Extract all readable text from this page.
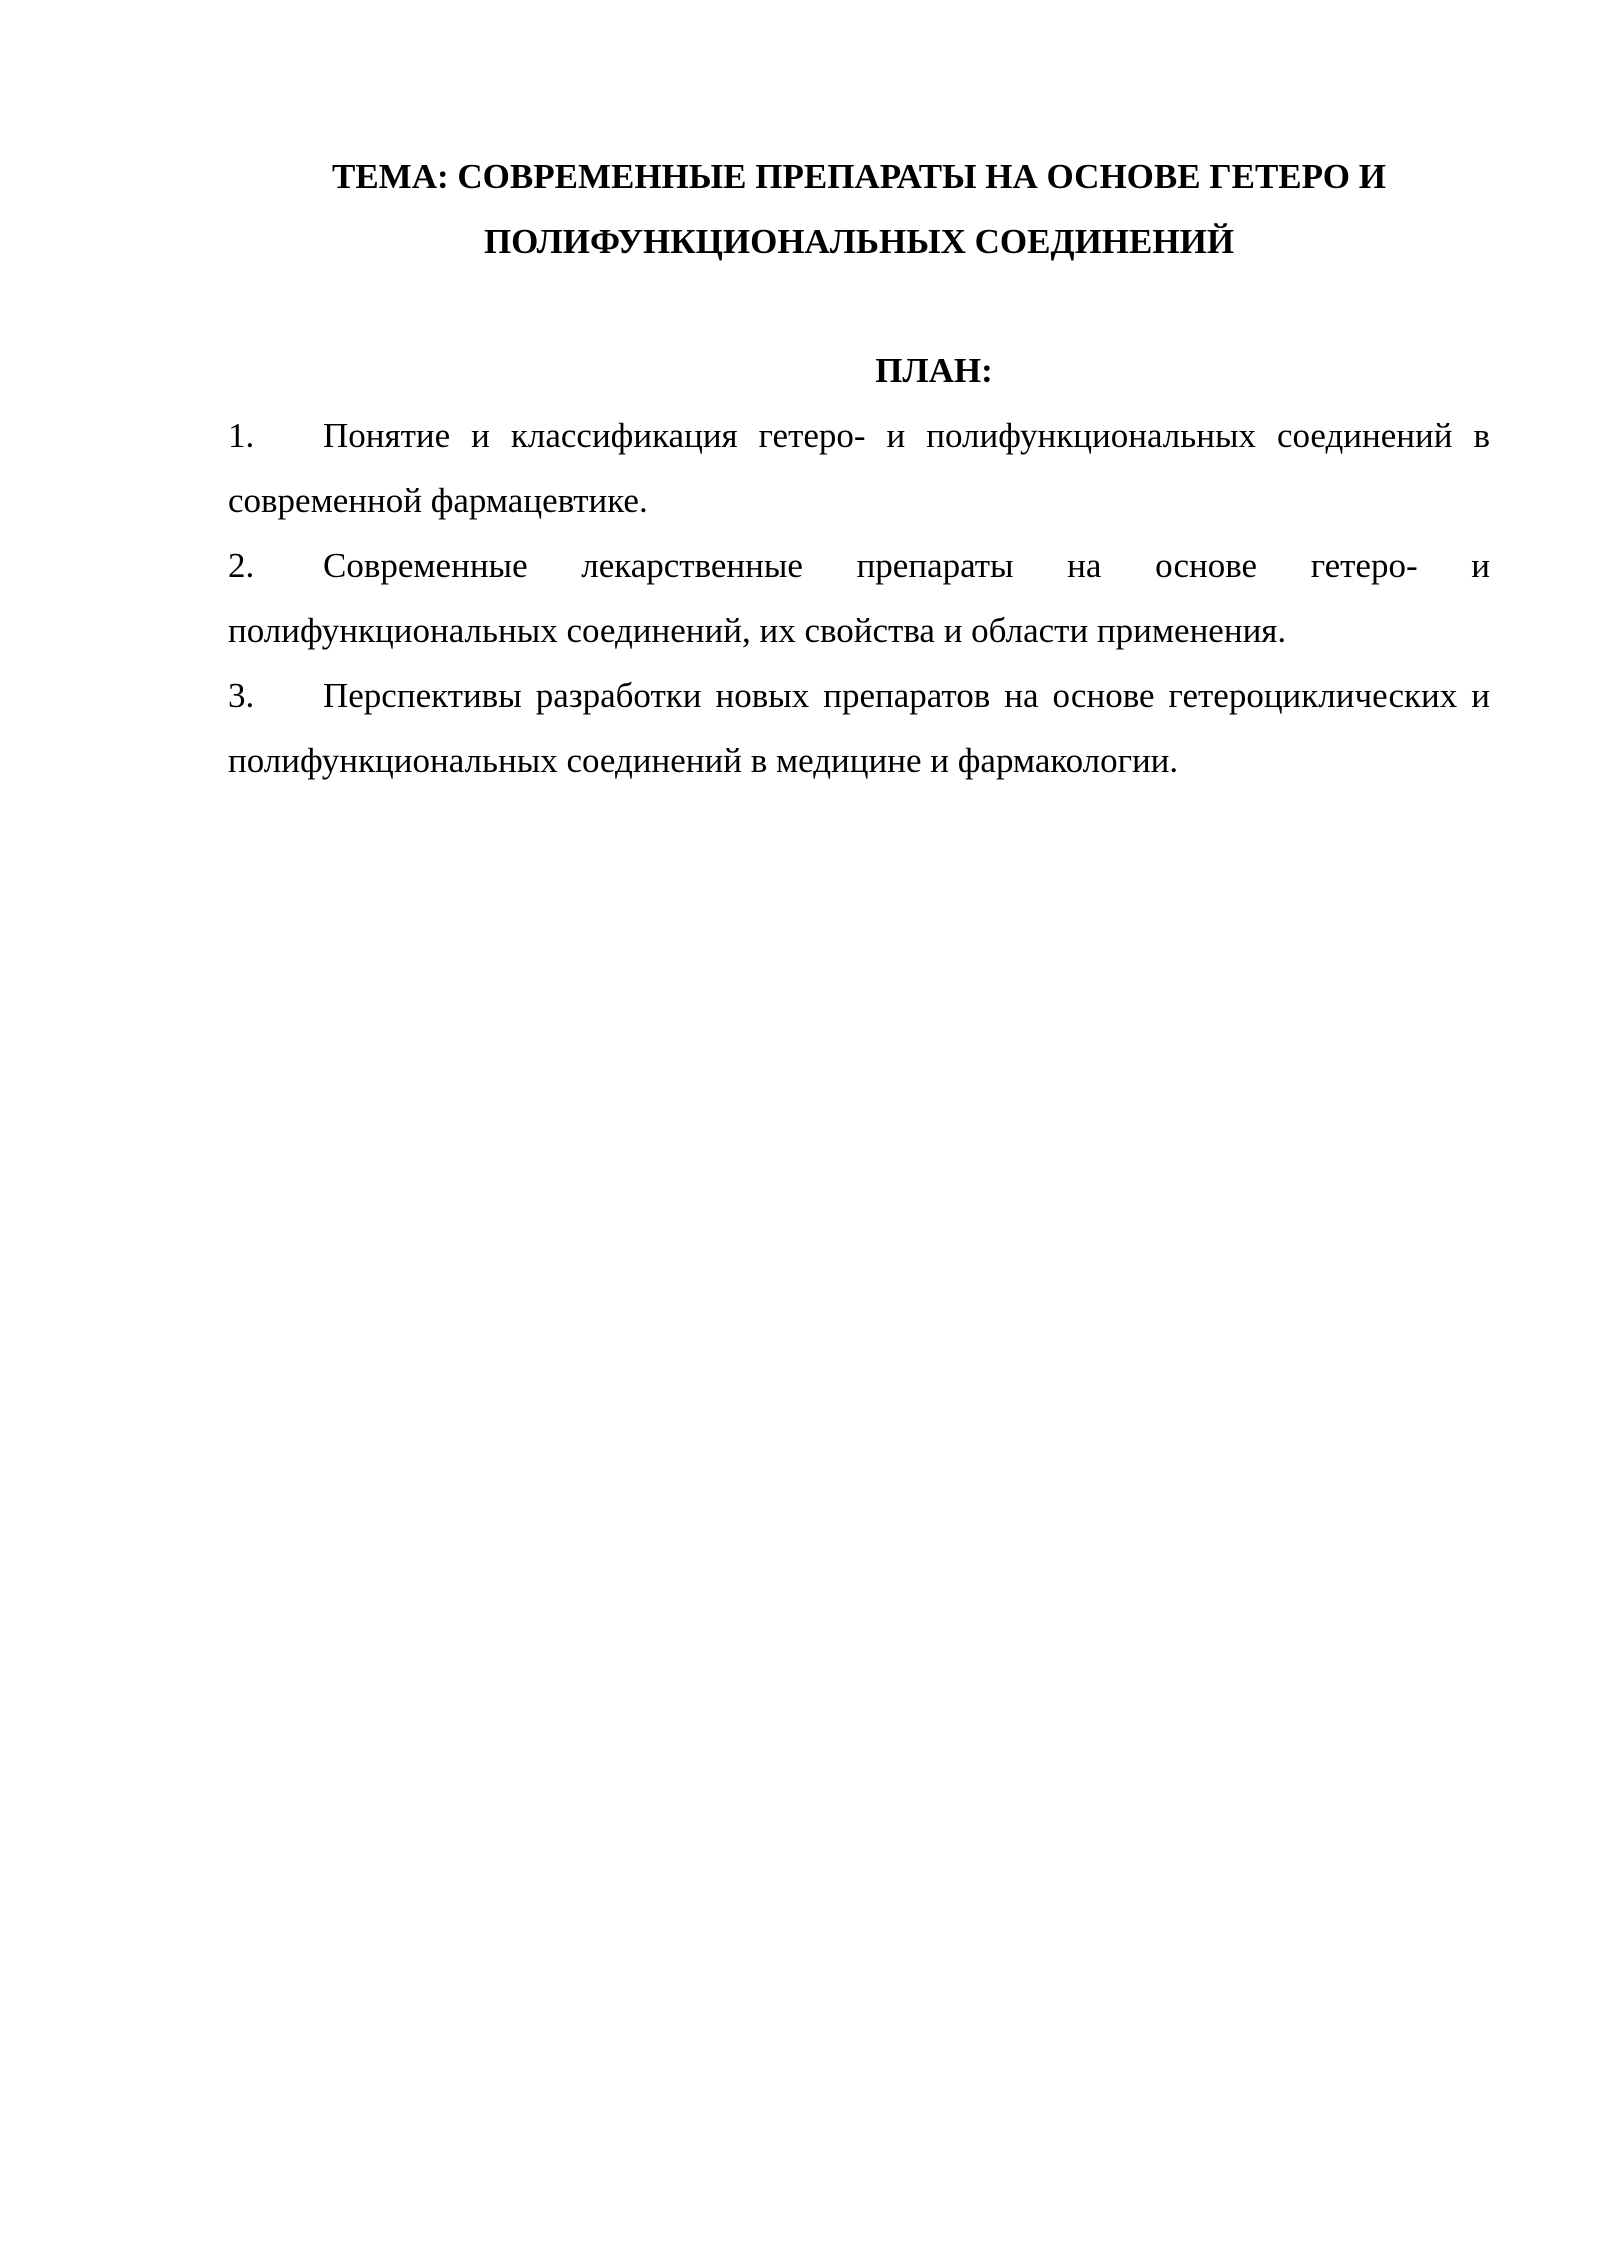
ТЕМА: СОВРЕМЕННЫЕ ПРЕПАРАТЫ НА ОСНОВЕ ГЕТЕРО И
ПОЛИФУНКЦИОНАЛЬНЫХ СОЕДИНЕНИЙ
ПЛАН:
1. Понятие и классификация гетеро- и полифункциональных соединений в современной фармацевтике.
2. Современные лекарственные препараты на основе гетеро- и полифункциональных соединений, их свойства и области применения.
3. Перспективы разработки новых препаратов на основе гетероциклических и полифункциональных соединений в медицине и фармакологии.
